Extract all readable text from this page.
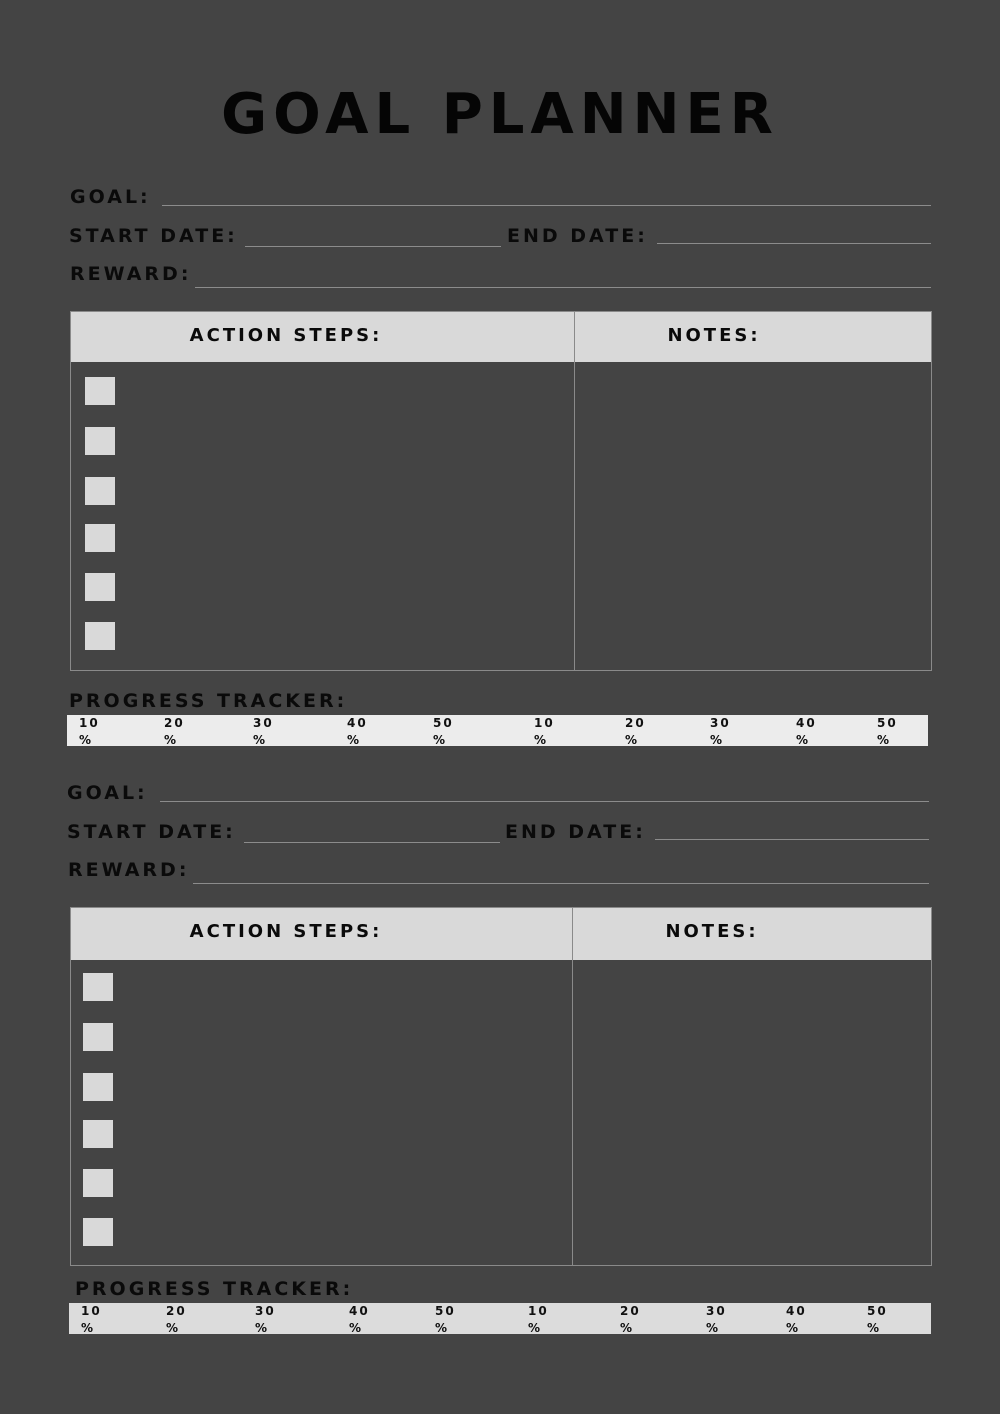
GOAL PLANNER
GOAL:
START DATE:	END DATE:
REWARD:
ACTION STEPS:	NOTES:
PROGRESS TRACKER:
10
%
20
%
30
%
40
%
50
%
10
%
20
%
30
%
40
%
50
%
GOAL:
START DATE:	END DATE:
REWARD:
ACTION STEPS:	NOTES:
PROGRESS TRACKER:
10
%
20
%
30
%
40
%
50
%
10
%
20
%
30
%
40
%
50
%
